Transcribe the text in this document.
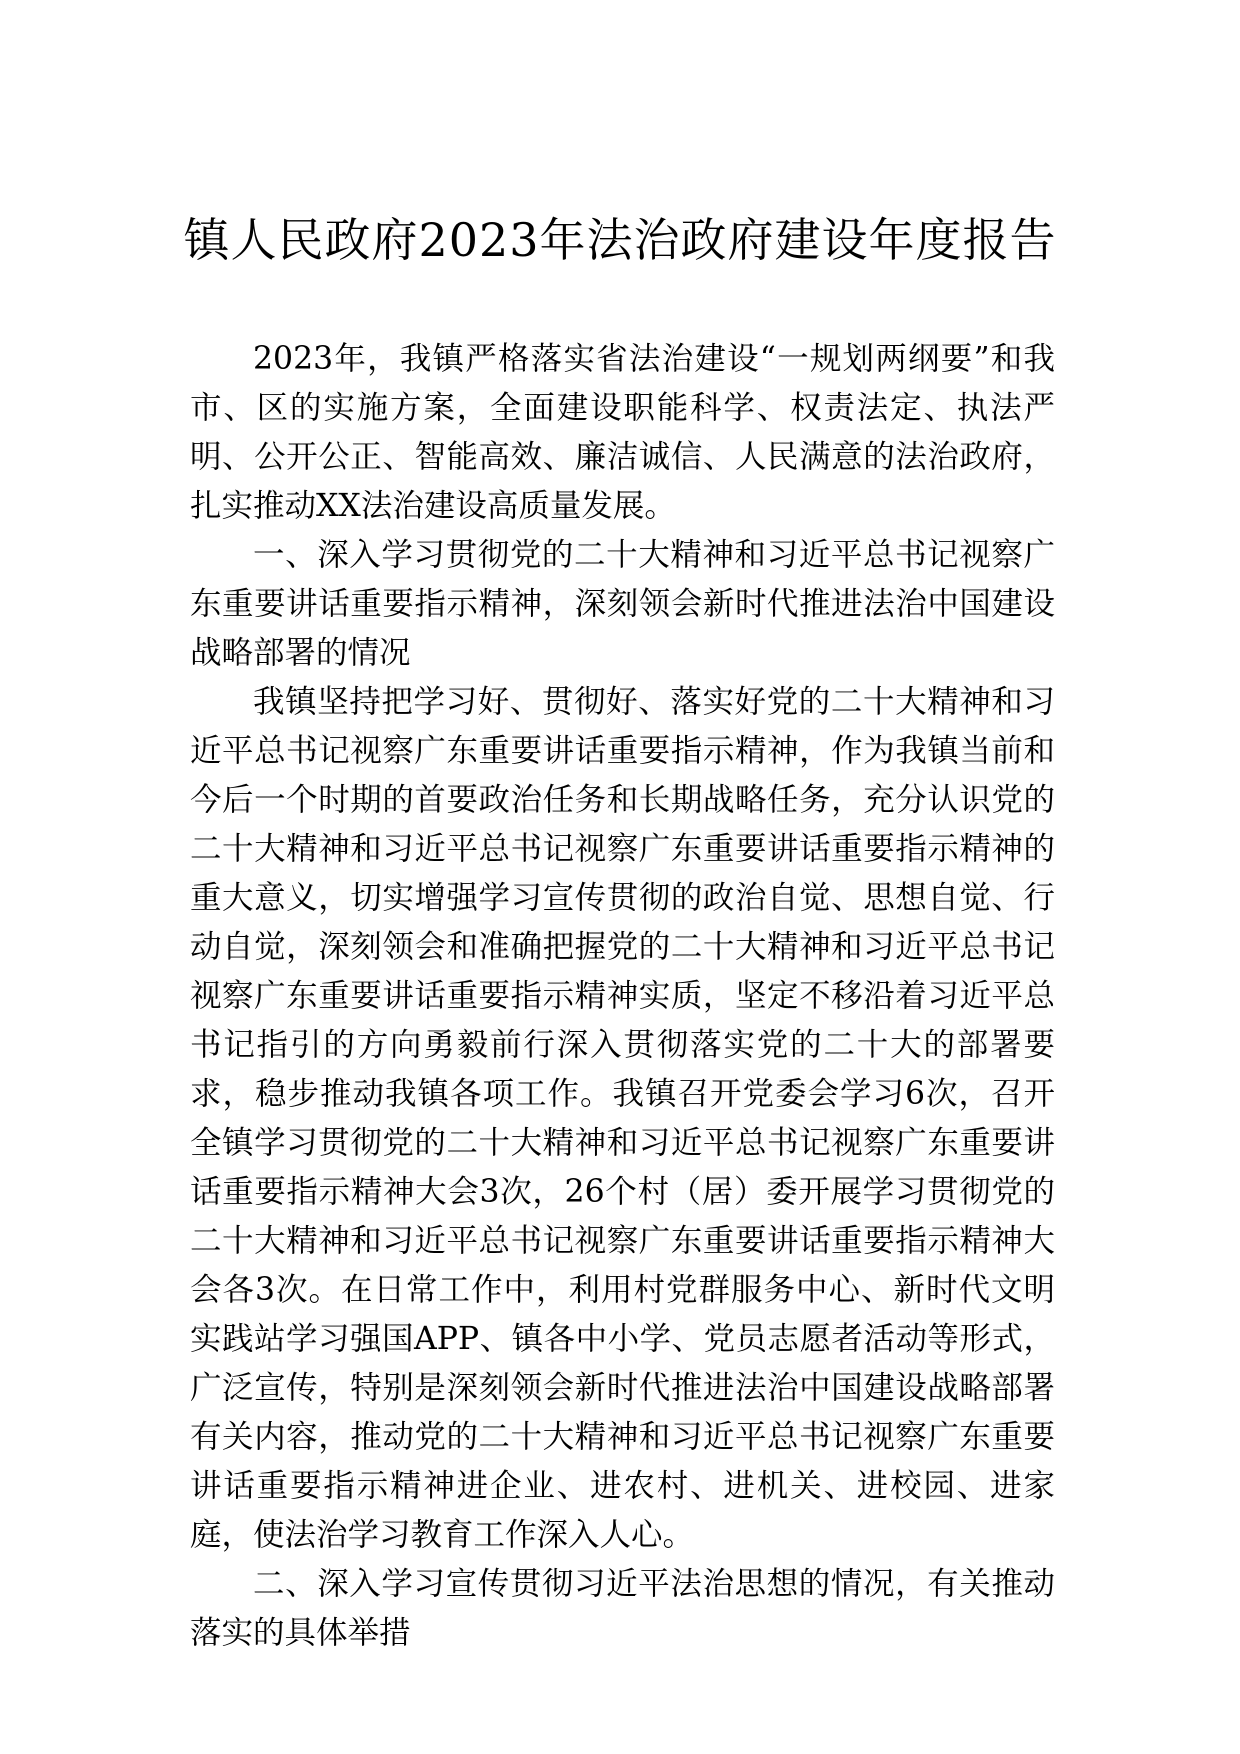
镇人民政府2023年法治政府建设年度报告

2023年，我镇严格落实省法治建设“一规划两纲要”和我市、区的实施方案，全面建设职能科学、权责法定、执法严明、公开公正、智能高效、廉洁诚信、人民满意的法治政府，扎实推动XX法治建设高质量发展。

一、深入学习贯彻党的二十大精神和习近平总书记视察广东重要讲话重要指示精神，深刻领会新时代推进法治中国建设战略部署的情况

我镇坚持把学习好、贯彻好、落实好党的二十大精神和习近平总书记视察广东重要讲话重要指示精神，作为我镇当前和今后一个时期的首要政治任务和长期战略任务，充分认识党的二十大精神和习近平总书记视察广东重要讲话重要指示精神的重大意义，切实增强学习宣传贯彻的政治自觉、思想自觉、行动自觉，深刻领会和准确把握党的二十大精神和习近平总书记视察广东重要讲话重要指示精神实质，坚定不移沿着习近平总书记指引的方向勇毅前行深入贯彻落实党的二十大的部署要求，稳步推动我镇各项工作。我镇召开党委会学习6次，召开全镇学习贯彻党的二十大精神和习近平总书记视察广东重要讲话重要指示精神大会3次，26个村（居）委开展学习贯彻党的二十大精神和习近平总书记视察广东重要讲话重要指示精神大会各3次。在日常工作中，利用村党群服务中心、新时代文明实践站学习强国APP、镇各中小学、党员志愿者活动等形式，广泛宣传，特别是深刻领会新时代推进法治中国建设战略部署有关内容，推动党的二十大精神和习近平总书记视察广东重要讲话重要指示精神进企业、进农村、进机关、进校园、进家庭，使法治学习教育工作深入人心。

二、深入学习宣传贯彻习近平法治思想的情况，有关推动落实的具体举措
